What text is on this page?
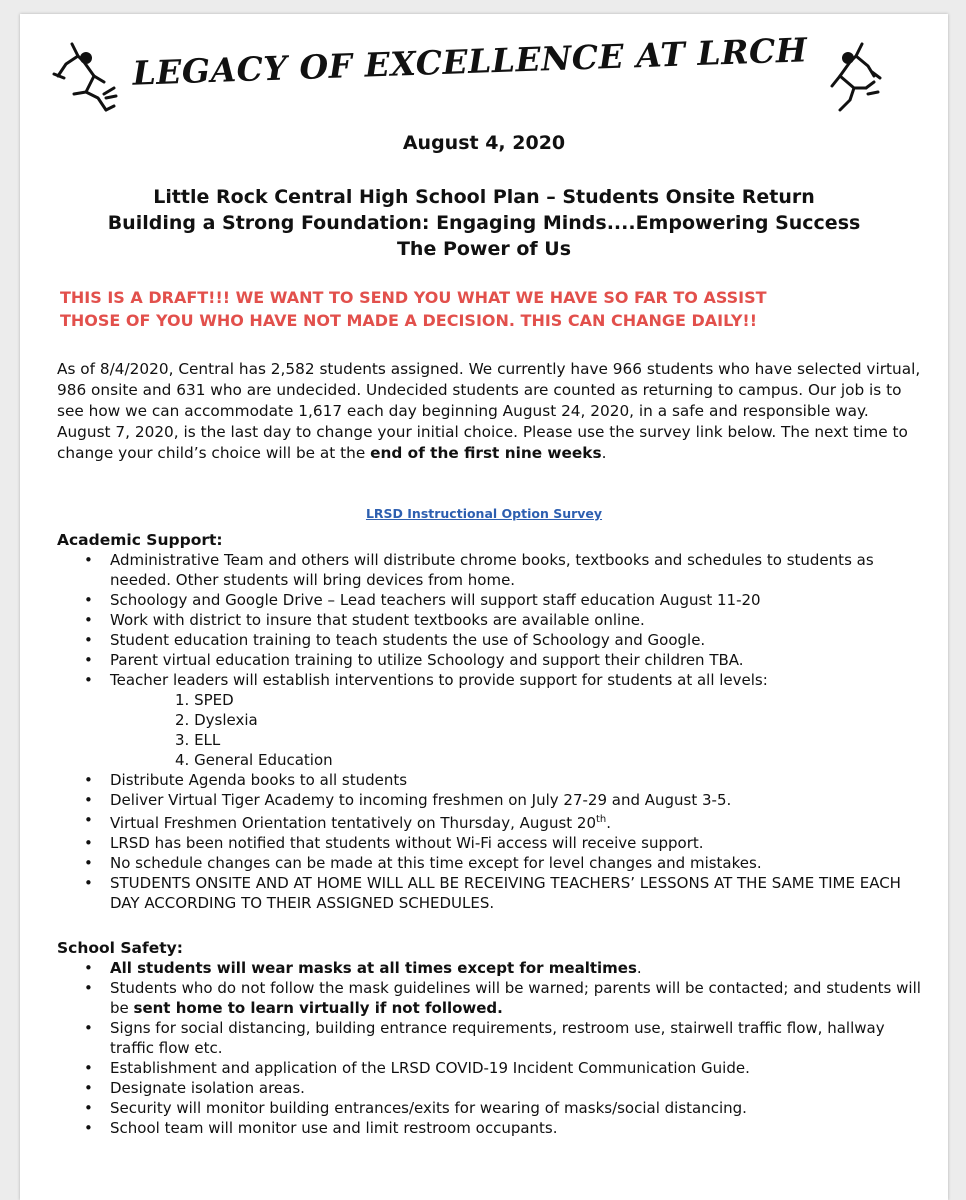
LEGACY OF EXCELLENCE AT LRCH
August 4, 2020
Little Rock Central High School Plan – Students Onsite Return
Building a Strong Foundation: Engaging Minds....Empowering Success
The Power of Us
THIS IS A DRAFT!!! WE WANT TO SEND YOU WHAT WE HAVE SO FAR TO ASSIST
THOSE OF YOU WHO HAVE NOT MADE A DECISION. THIS CAN CHANGE DAILY!!
As of 8/4/2020, Central has 2,582 students assigned. We currently have 966 students who have selected virtual, 986 onsite and 631 who are undecided. Undecided students are counted as returning to campus. Our job is to see how we can accommodate 1,617 each day beginning August 24, 2020, in a safe and responsible way. August 7, 2020, is the last day to change your initial choice. Please use the survey link below. The next time to change your child’s choice will be at the end of the first nine weeks.
LRSD Instructional Option Survey
Academic Support:
• Administrative Team and others will distribute chrome books, textbooks and schedules to students as needed. Other students will bring devices from home.
• Schoology and Google Drive – Lead teachers will support staff education August 11-20
• Work with district to insure that student textbooks are available online.
• Student education training to teach students the use of Schoology and Google.
• Parent virtual education training to utilize Schoology and support their children TBA.
• Teacher leaders will establish interventions to provide support for students at all levels:
1. SPED
2. Dyslexia
3. ELL
4. General Education
• Distribute Agenda books to all students
• Deliver Virtual Tiger Academy to incoming freshmen on July 27-29 and August 3-5.
• Virtual Freshmen Orientation tentatively on Thursday, August 20th.
• LRSD has been notified that students without Wi-Fi access will receive support.
• No schedule changes can be made at this time except for level changes and mistakes.
• STUDENTS ONSITE AND AT HOME WILL ALL BE RECEIVING TEACHERS’ LESSONS AT THE SAME TIME EACH DAY ACCORDING TO THEIR ASSIGNED SCHEDULES.
School Safety:
• All students will wear masks at all times except for mealtimes.
• Students who do not follow the mask guidelines will be warned; parents will be contacted; and students will be sent home to learn virtually if not followed.
• Signs for social distancing, building entrance requirements, restroom use, stairwell traffic flow, hallway traffic flow etc.
• Establishment and application of the LRSD COVID-19 Incident Communication Guide.
• Designate isolation areas.
• Security will monitor building entrances/exits for wearing of masks/social distancing.
• School team will monitor use and limit restroom occupants.
